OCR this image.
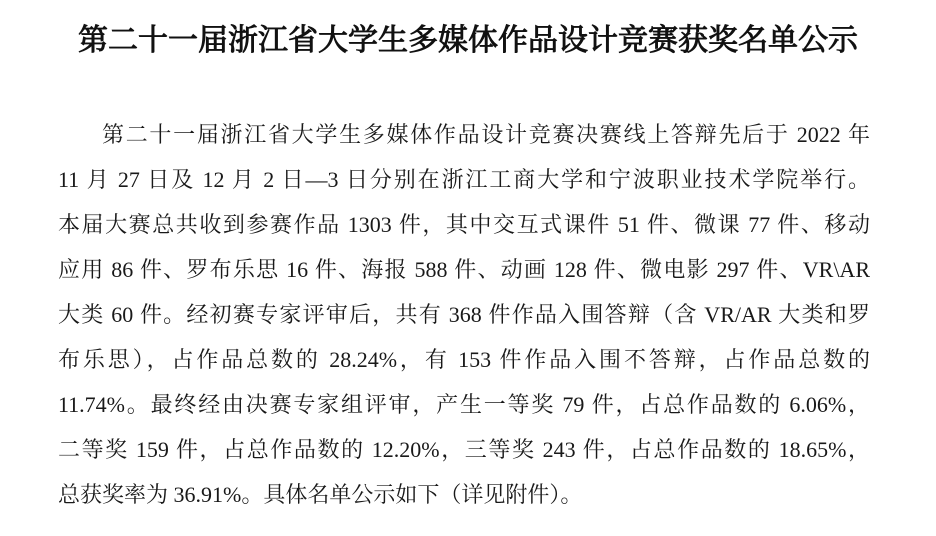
第二十一届浙江省大学生多媒体作品设计竞赛获奖名单公示
第二十一届浙江省大学生多媒体作品设计竞赛决赛线上答辩先后于 2022 年
11 月 27 日及 12 月 2 日—3 日分别在浙江工商大学和宁波职业技术学院举行。
本届大赛总共收到参赛作品 1303 件，其中交互式课件 51 件、微课 77 件、移动
应用 86 件、罗布乐思 16 件、海报 588 件、动画 128 件、微电影 297 件、VR\AR
大类 60 件。经初赛专家评审后，共有 368 件作品入围答辩（含 VR/AR 大类和罗
布乐思），占作品总数的 28.24%，有 153 件作品入围不答辩，占作品总数的
11.74%。最终经由决赛专家组评审，产生一等奖 79 件，占总作品数的 6.06%，
二等奖 159 件，占总作品数的 12.20%，三等奖 243 件，占总作品数的 18.65%，
总获奖率为 36.91%。具体名单公示如下（详见附件）。
